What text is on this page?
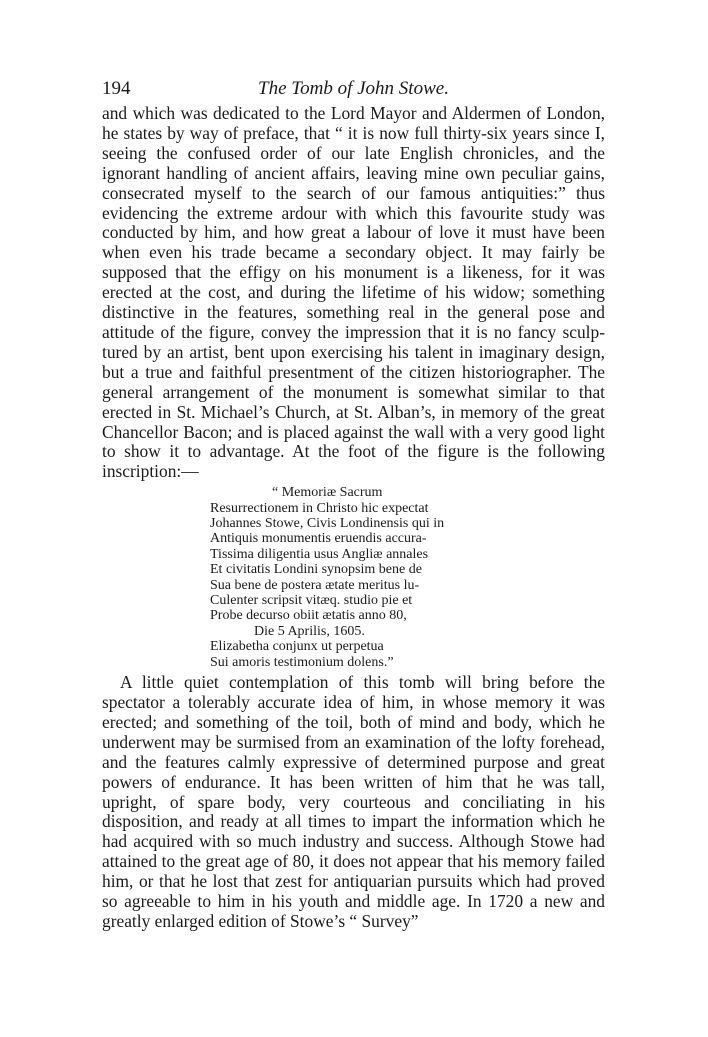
194	The Tomb of John Stowe.

and which was dedicated to the Lord Mayor and Aldermen of London, he states by way of preface, that “ it is now full thirty-six years since I, seeing the confused order of our late English chronicles, and the ignorant handling of ancient affairs, leaving mine own peculiar gains, consecrated myself to the search of our famous antiquities:” thus evidencing the extreme ardour with which this favourite study was conducted by him, and how great a labour of love it must have been when even his trade became a secondary object. It may fairly be supposed that the effigy on his monument is a likeness, for it was erected at the cost, and during the lifetime of his widow; something distinctive in the features, something real in the general pose and attitude of the figure, convey the impression that it is no fancy sculptured by an artist, bent upon exercising his talent in imaginary design, but a true and faithful presentment of the citizen historiographer. The general arrangement of the monument is somewhat similar to that erected in St. Michael’s Church, at St. Alban’s, in memory of the great Chancellor Bacon; and is placed against the wall with a very good light to show it to advantage. At the foot of the figure is the following inscription:—

“ Memoriæ Sacrum
Resurrectionem in Christo hic expectat
Johannes Stowe, Civis Londinensis qui in
Antiquis monumentis eruendis accura-
Tissima diligentia usus Angliæ annales
Et civitatis Londini synopsim bene de
Sua bene de postera ætate meritus lu-
Culenter scripsit vitæq. studio pie et
Probe decurso obiit ætatis anno 80,
Die 5 Aprilis, 1605.
Elizabetha conjunx ut perpetua
Sui amoris testimonium dolens.”

A little quiet contemplation of this tomb will bring before the spectator a tolerably accurate idea of him, in whose memory it was erected; and something of the toil, both of mind and body, which he underwent may be surmised from an examination of the lofty forehead, and the features calmly expressive of determined purpose and great powers of endurance. It has been written of him that he was tall, upright, of spare body, very courteous and conciliating in his disposition, and ready at all times to impart the information which he had acquired with so much industry and success. Although Stowe had attained to the great age of 80, it does not appear that his memory failed him, or that he lost that zest for antiquarian pursuits which had proved so agreeable to him in his youth and middle age. In 1720 a new and greatly enlarged edition of Stowe’s “ Survey”
